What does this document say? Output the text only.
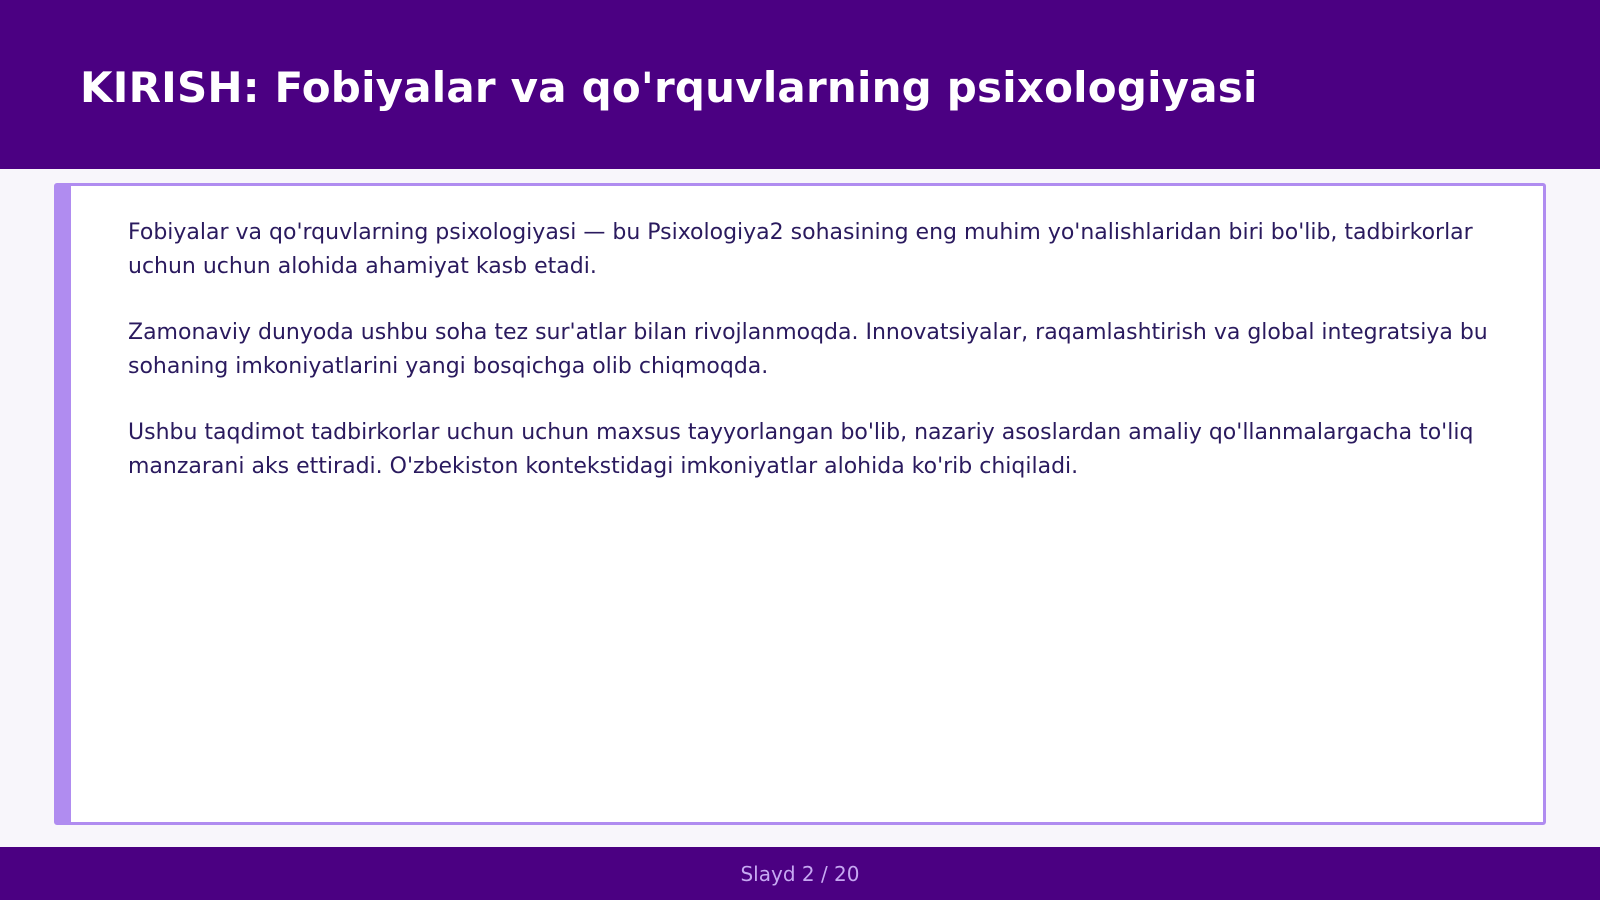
KIRISH: Fobiyalar va qo'rquvlarning psixologiyasi

Fobiyalar va qo'rquvlarning psixologiyasi — bu Psixologiya2 sohasining eng muhim yo'nalishlaridan biri bo'lib, tadbirkorlar uchun uchun alohida ahamiyat kasb etadi.

Zamonaviy dunyoda ushbu soha tez sur'atlar bilan rivojlanmoqda. Innovatsiyalar, raqamlashtirish va global integratsiya bu sohaning imkoniyatlarini yangi bosqichga olib chiqmoqda.

Ushbu taqdimot tadbirkorlar uchun uchun maxsus tayyorlangan bo'lib, nazariy asoslardan amaliy qo'llanmalargacha to'liq manzarani aks ettiradi. O'zbekiston kontekstidagi imkoniyatlar alohida ko'rib chiqiladi.

Slayd 2 / 20
